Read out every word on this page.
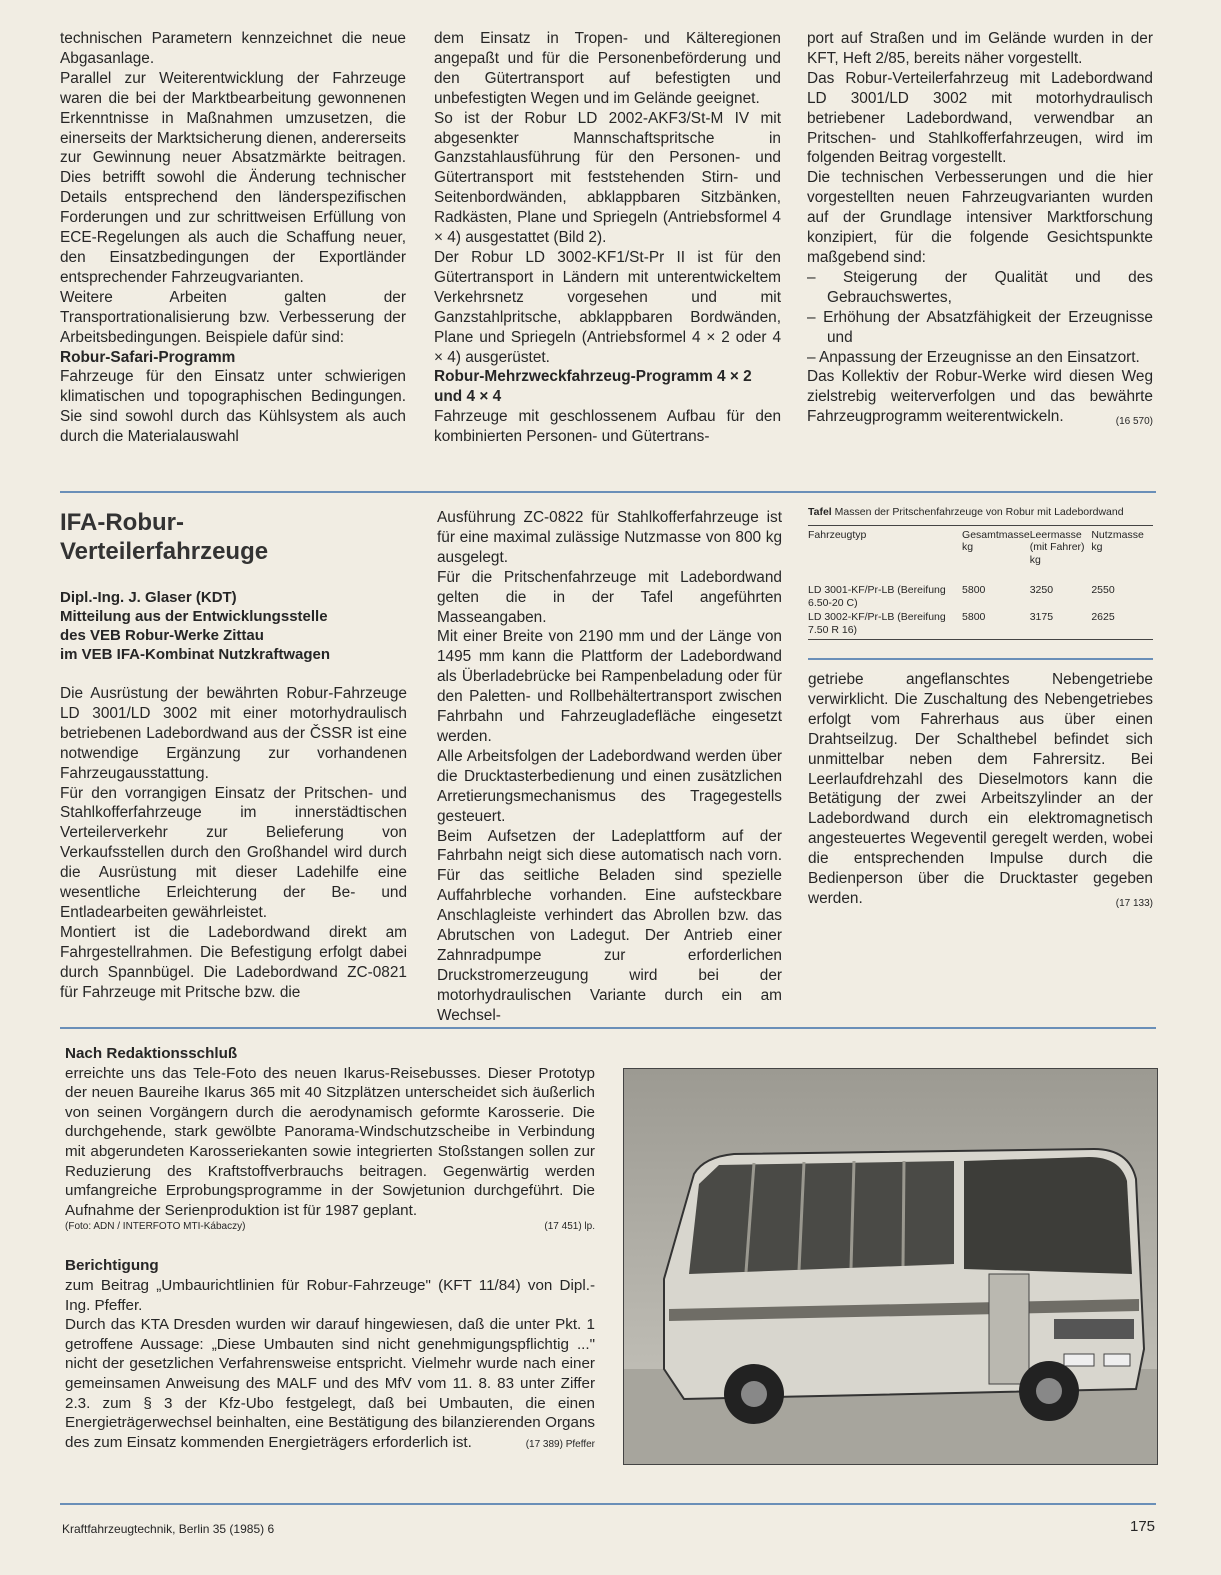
technischen Parametern kennzeichnet die neue Abgasanlage.

Parallel zur Weiterentwicklung der Fahrzeuge waren die bei der Marktbearbeitung gewonnenen Erkenntnisse in Maßnahmen umzusetzen, die einerseits der Marktsicherung dienen, andererseits zur Gewinnung neuer Absatzmärkte beitragen. Dies betrifft sowohl die Änderung technischer Details entsprechend den länderspezifischen Forderungen und zur schrittweisen Erfüllung von ECE-Regelungen als auch die Schaffung neuer, den Einsatzbedingungen der Exportländer entsprechender Fahrzeugvarianten.

Weitere Arbeiten galten der Transportrationalisierung bzw. Verbesserung der Arbeitsbedingungen. Beispiele dafür sind:

Robur-Safari-Programm

Fahrzeuge für den Einsatz unter schwierigen klimatischen und topographischen Bedingungen. Sie sind sowohl durch das Kühlsystem als auch durch die Materialauswahl

dem Einsatz in Tropen- und Kälteregionen angepaßt und für die Personenbeförderung und den Gütertransport auf befestigten und unbefestigten Wegen und im Gelände geeignet.

So ist der Robur LD 2002-AKF3/St-M IV mit abgesenkter Mannschaftspritsche in Ganzstahlausführung für den Personen- und Gütertransport mit feststehenden Stirn- und Seitenbordwänden, abklappbaren Sitzbänken, Radkästen, Plane und Spriegeln (Antriebsformel 4 × 4) ausgestattet (Bild 2).

Der Robur LD 3002-KF1/St-Pr II ist für den Gütertransport in Ländern mit unterentwickeltem Verkehrsnetz vorgesehen und mit Ganzstahlpritsche, abklappbaren Bordwänden, Plane und Spriegeln (Antriebsformel 4 × 2 oder 4 × 4) ausgerüstet.

Robur-Mehrzweckfahrzeug-Programm 4 × 2 und 4 × 4

Fahrzeuge mit geschlossenem Aufbau für den kombinierten Personen- und Gütertrans-

port auf Straßen und im Gelände wurden in der KFT, Heft 2/85, bereits näher vorgestellt.

Das Robur-Verteilerfahrzeug mit Ladebordwand LD 3001/LD 3002 mit motorhydraulisch betriebener Ladebordwand, verwendbar an Pritschen- und Stahlkofferfahrzeugen, wird im folgenden Beitrag vorgestellt.

Die technischen Verbesserungen und die hier vorgestellten neuen Fahrzeugvarianten wurden auf der Grundlage intensiver Marktforschung konzipiert, für die folgende Gesichtspunkte maßgebend sind:

– Steigerung der Qualität und des Gebrauchswertes,
– Erhöhung der Absatzfähigkeit der Erzeugnisse und
– Anpassung der Erzeugnisse an den Einsatzort.

Das Kollektiv der Robur-Werke wird diesen Weg zielstrebig weiterverfolgen und das bewährte Fahrzeugprogramm weiterentwickeln.	(16 570)
IFA-Robur-
Verteilerfahrzeuge
Dipl.-Ing. J. Glaser (KDT)
Mitteilung aus der Entwicklungsstelle
des VEB Robur-Werke Zittau
im VEB IFA-Kombinat Nutzkraftwagen

Die Ausrüstung der bewährten Robur-Fahrzeuge LD 3001/LD 3002 mit einer motorhydraulisch betriebenen Ladebordwand aus der ČSSR ist eine notwendige Ergänzung zur vorhandenen Fahrzeugausstattung.

Für den vorrangigen Einsatz der Pritschen- und Stahlkofferfahrzeuge im innerstädtischen Verteilerverkehr zur Belieferung von Verkaufsstellen durch den Großhandel wird durch die Ausrüstung mit dieser Ladehilfe eine wesentliche Erleichterung der Be- und Entladearbeiten gewährleistet.

Montiert ist die Ladebordwand direkt am Fahrgestellrahmen. Die Befestigung erfolgt dabei durch Spannbügel. Die Ladebordwand ZC-0821 für Fahrzeuge mit Pritsche bzw. die

Ausführung ZC-0822 für Stahlkofferfahrzeuge ist für eine maximal zulässige Nutzmasse von 800 kg ausgelegt.

Für die Pritschenfahrzeuge mit Ladebordwand gelten die in der Tafel angeführten Masseangaben.

Mit einer Breite von 2190 mm und der Länge von 1495 mm kann die Plattform der Ladebordwand als Überladebrücke bei Rampenbeladung oder für den Paletten- und Rollbehältertransport zwischen Fahrbahn und Fahrzeugladefläche eingesetzt werden.

Alle Arbeitsfolgen der Ladebordwand werden über die Drucktasterbedienung und einen zusätzlichen Arretierungsmechanismus des Tragegestells gesteuert.

Beim Aufsetzen der Ladeplattform auf der Fahrbahn neigt sich diese automatisch nach vorn. Für das seitliche Beladen sind spezielle Auffahrbleche vorhanden. Eine aufsteckbare Anschlagleiste verhindert das Abrollen bzw. das Abrutschen von Ladegut. Der Antrieb einer Zahnradpumpe zur erforderlichen Druckstromerzeugung wird bei der motorhydraulischen Variante durch ein am Wechsel-

Tafel Massen der Pritschenfahrzeuge von Robur mit Ladebordwand
Fahrzeugtyp	Gesamtmasse kg	Leermasse (mit Fahrer) kg	Nutzmasse kg
LD 3001-KF/Pr-LB (Bereifung 6.50-20 C)	5800	3250	2550
LD 3002-KF/Pr-LB (Bereifung 7.50 R 16)	5800	3175	2625

getriebe angeflanschtes Nebengetriebe verwirklicht. Die Zuschaltung des Nebengetriebes erfolgt vom Fahrerhaus aus über einen Drahtseilzug. Der Schalthebel befindet sich unmittelbar neben dem Fahrersitz. Bei Leerlaufdrehzahl des Dieselmotors kann die Betätigung der zwei Arbeitszylinder an der Ladebordwand durch ein elektromagnetisch angesteuertes Wegeventil geregelt werden, wobei die entsprechenden Impulse durch die Bedienperson über die Drucktaster gegeben werden.	(17 133)
Nach Redaktionsschluß

erreichte uns das Tele-Foto des neuen Ikarus-Reisebusses. Dieser Prototyp der neuen Baureihe Ikarus 365 mit 40 Sitzplätzen unterscheidet sich äußerlich von seinen Vorgängern durch die aerodynamisch geformte Karosserie. Die durchgehende, stark gewölbte Panorama-Windschutzscheibe in Verbindung mit abgerundeten Karosseriekanten sowie integrierten Stoßstangen sollen zur Reduzierung des Kraftstoffverbrauchs beitragen. Gegenwärtig werden umfangreiche Erprobungsprogramme in der Sowjetunion durchgeführt. Die Aufnahme der Serienproduktion ist für 1987 geplant.

(Foto: ADN / INTERFOTO MTI-Kábaczy)	(17 451) lp.
Berichtigung

zum Beitrag „Umbaurichtlinien für Robur-Fahrzeuge" (KFT 11/84) von Dipl.-Ing. Pfeffer.

Durch das KTA Dresden wurden wir darauf hingewiesen, daß die unter Pkt. 1 getroffene Aussage: „Diese Umbauten sind nicht genehmigungspflichtig ..." nicht der gesetzlichen Verfahrensweise entspricht. Vielmehr wurde nach einer gemeinsamen Anweisung des MALF und des MfV vom 11. 8. 83 unter Ziffer 2.3. zum § 3 der Kfz-Ubo festgelegt, daß bei Umbauten, die einen Energieträgerwechsel beinhalten, eine Bestätigung des bilanzierenden Organs des zum Einsatz kommenden Energieträgers erforderlich ist.	(17 389) Pfeffer
Kraftfahrzeugtechnik, Berlin 35 (1985) 6	175
